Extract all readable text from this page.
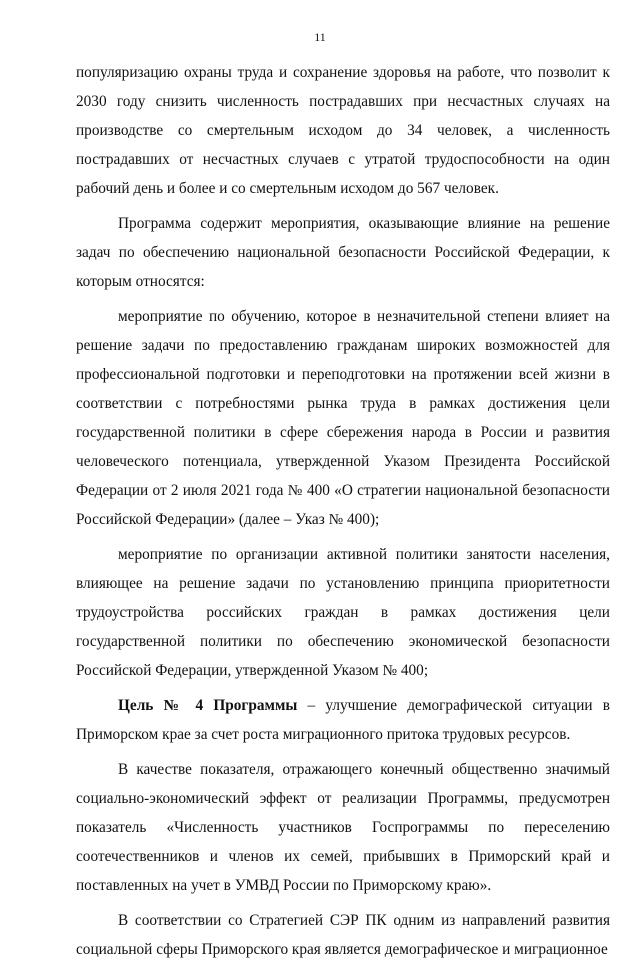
11

популяризацию охраны труда и сохранение здоровья на работе, что позволит к 2030 году снизить численность пострадавших при несчастных случаях на производстве со смертельным исходом до 34 человек, а численность пострадавших от несчастных случаев с утратой трудоспособности на один рабочий день и более и со смертельным исходом до 567 человек.

Программа содержит мероприятия, оказывающие влияние на решение задач по обеспечению национальной безопасности Российской Федерации, к которым относятся:

мероприятие по обучению, которое в незначительной степени влияет на решение задачи по предоставлению гражданам широких возможностей для профессиональной подготовки и переподготовки на протяжении всей жизни в соответствии с потребностями рынка труда в рамках достижения цели государственной политики в сфере сбережения народа в России и развития человеческого потенциала, утвержденной Указом Президента Российской Федерации от 2 июля 2021 года № 400 «О стратегии национальной безопасности Российской Федерации» (далее – Указ № 400);

мероприятие по организации активной политики занятости населения, влияющее на решение задачи по установлению принципа приоритетности трудоустройства российских граждан в рамках достижения цели государственной политики по обеспечению экономической безопасности Российской Федерации, утвержденной Указом № 400;

Цель № 4 Программы – улучшение демографической ситуации в Приморском крае за счет роста миграционного притока трудовых ресурсов.

В качестве показателя, отражающего конечный общественно значимый социально-экономический эффект от реализации Программы, предусмотрен показатель «Численность участников Госпрограммы по переселению соотечественников и членов их семей, прибывших в Приморский край и поставленных на учет в УМВД России по Приморскому краю».

В соответствии со Стратегией СЭР ПК одним из направлений развития социальной сферы Приморского края является демографическое и миграционное
